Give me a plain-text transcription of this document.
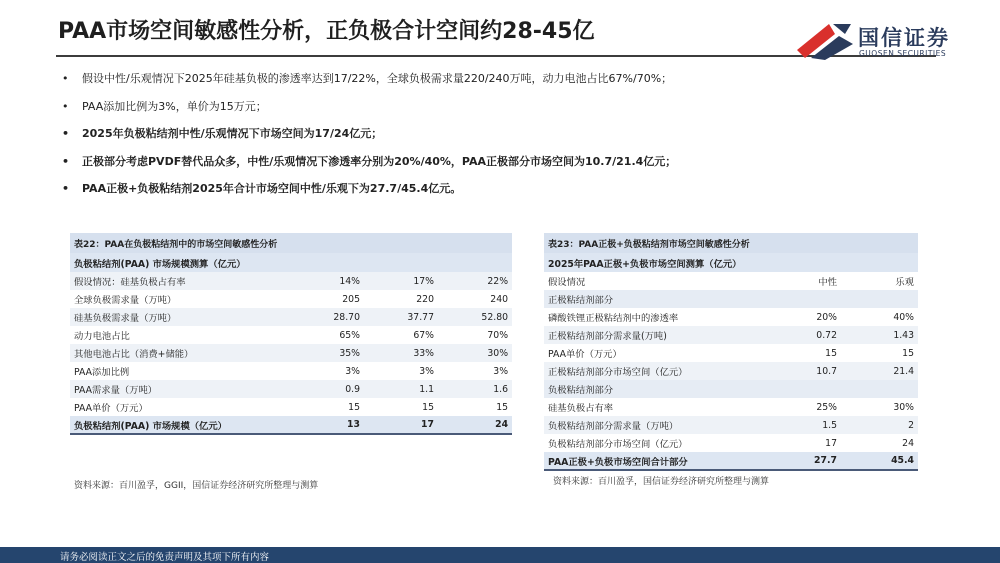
PAA市场空间敏感性分析，正负极合计空间约28-45亿	国信证券
GUOSEN SECURITIES
• 假设中性/乐观情况下2025年硅基负极的渗透率达到17/22%，全球负极需求量220/240万吨，动力电池占比67%/70%；
• PAA添加比例为3%，单价为15万元；
• 2025年负极粘结剂中性/乐观情况下市场空间为17/24亿元；
• 正极部分考虑PVDF替代品众多，中性/乐观情况下渗透率分别为20%/40%，PAA正极部分市场空间为10.7/21.4亿元；
• PAA正极+负极粘结剂2025年合计市场空间中性/乐观下为27.7/45.4亿元。
表22：PAA在负极粘结剂中的市场空间敏感性分析			
负极粘结剂(PAA) 市场规模测算（亿元）			
假设情况：硅基负极占有率	14%	17%	22%
全球负极需求量（万吨）	205	220	240
硅基负极需求量（万吨）	28.70	37.77	52.80
动力电池占比	65%	67%	70%
其他电池占比（消费+储能）	35%	33%	30%
PAA添加比例	3%	3%	3%
PAA需求量（万吨）	0.9	1.1	1.6
PAA单价（万元）	15	15	15
负极粘结剂(PAA) 市场规模（亿元）	13	17	24
资料来源：百川盈孚，GGII，国信证券经济研究所整理与测算
表23：PAA正极+负极粘结剂市场空间敏感性分析		
2025年PAA正极+负极市场空间测算（亿元）		
假设情况	中性	乐观
正极粘结剂部分		
磷酸铁锂正极粘结剂中的渗透率	20%	40%
正极粘结剂部分需求量(万吨)	0.72	1.43
PAA单价（万元）	15	15
正极粘结剂部分市场空间（亿元）	10.7	21.4
负极粘结剂部分		
硅基负极占有率	25%	30%
负极粘结剂部分需求量（万吨）	1.5	2
负极粘结剂部分市场空间（亿元）	17	24
PAA正极+负极市场空间合计部分	27.7	45.4
资料来源：百川盈孚，国信证券经济研究所整理与测算
请务必阅读正文之后的免责声明及其项下所有内容
